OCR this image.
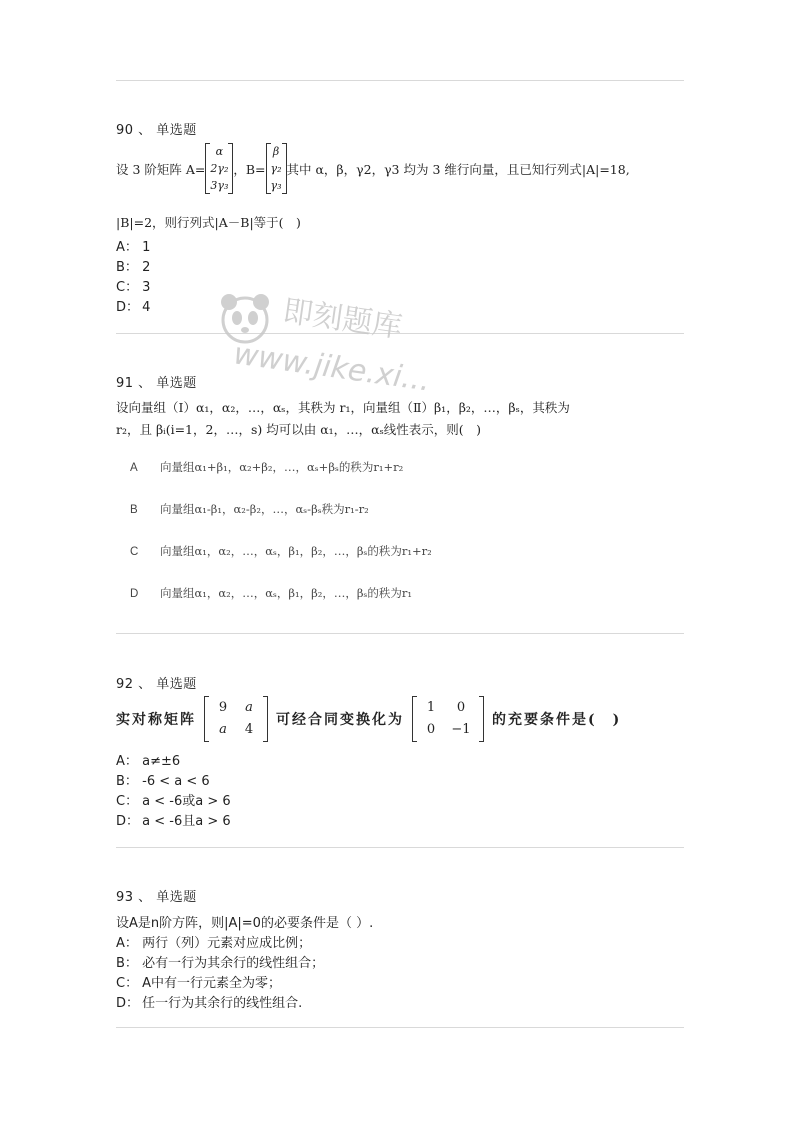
即刻题库
www.jike.xi...
90 、 单选题
设 3 阶矩阵 A=
α
2γ₂
3γ₃
，B=
β
γ₂
γ₃
其中 α，β，γ2，γ3 均为 3 维行向量，且已知行列式|A|=18,
|B|=2，则行列式|A－B|等于(　)
A： 1
B： 2
C： 3
D： 4
91 、 单选题
设向量组（I）α₁，α₂，…，αₛ，其秩为 r₁，向量组（Ⅱ）β₁，β₂，…，βₛ，其秩为
r₂，且 βᵢ(i=1，2，…，s) 均可以由 α₁，…，αₛ线性表示，则(　)
A 向量组α₁+β₁，α₂+β₂，…，αₛ+βₛ的秩为r₁+r₂
B 向量组α₁-β₁，α₂-β₂，…，αₛ-βₛ秩为r₁-r₂
C 向量组α₁，α₂，…，αₛ，β₁，β₂，…，βₛ的秩为r₁+r₂
D 向量组α₁，α₂，…，αₛ，β₁，β₂，…，βₛ的秩为r₁
92 、 单选题
实对称矩阵
9	a
a	4
可经合同变换化为
1	0
0	−1
的充要条件是(　)
A： a≠±6
B： -6 < a < 6
C： a < -6或a > 6
D： a < -6且a > 6
93 、 单选题
设A是n阶方阵，则|A|=0的必要条件是（ ）.
A： 两行（列）元素对应成比例；
B： 必有一行为其余行的线性组合；
C： A中有一行元素全为零；
D： 任一行为其余行的线性组合.
